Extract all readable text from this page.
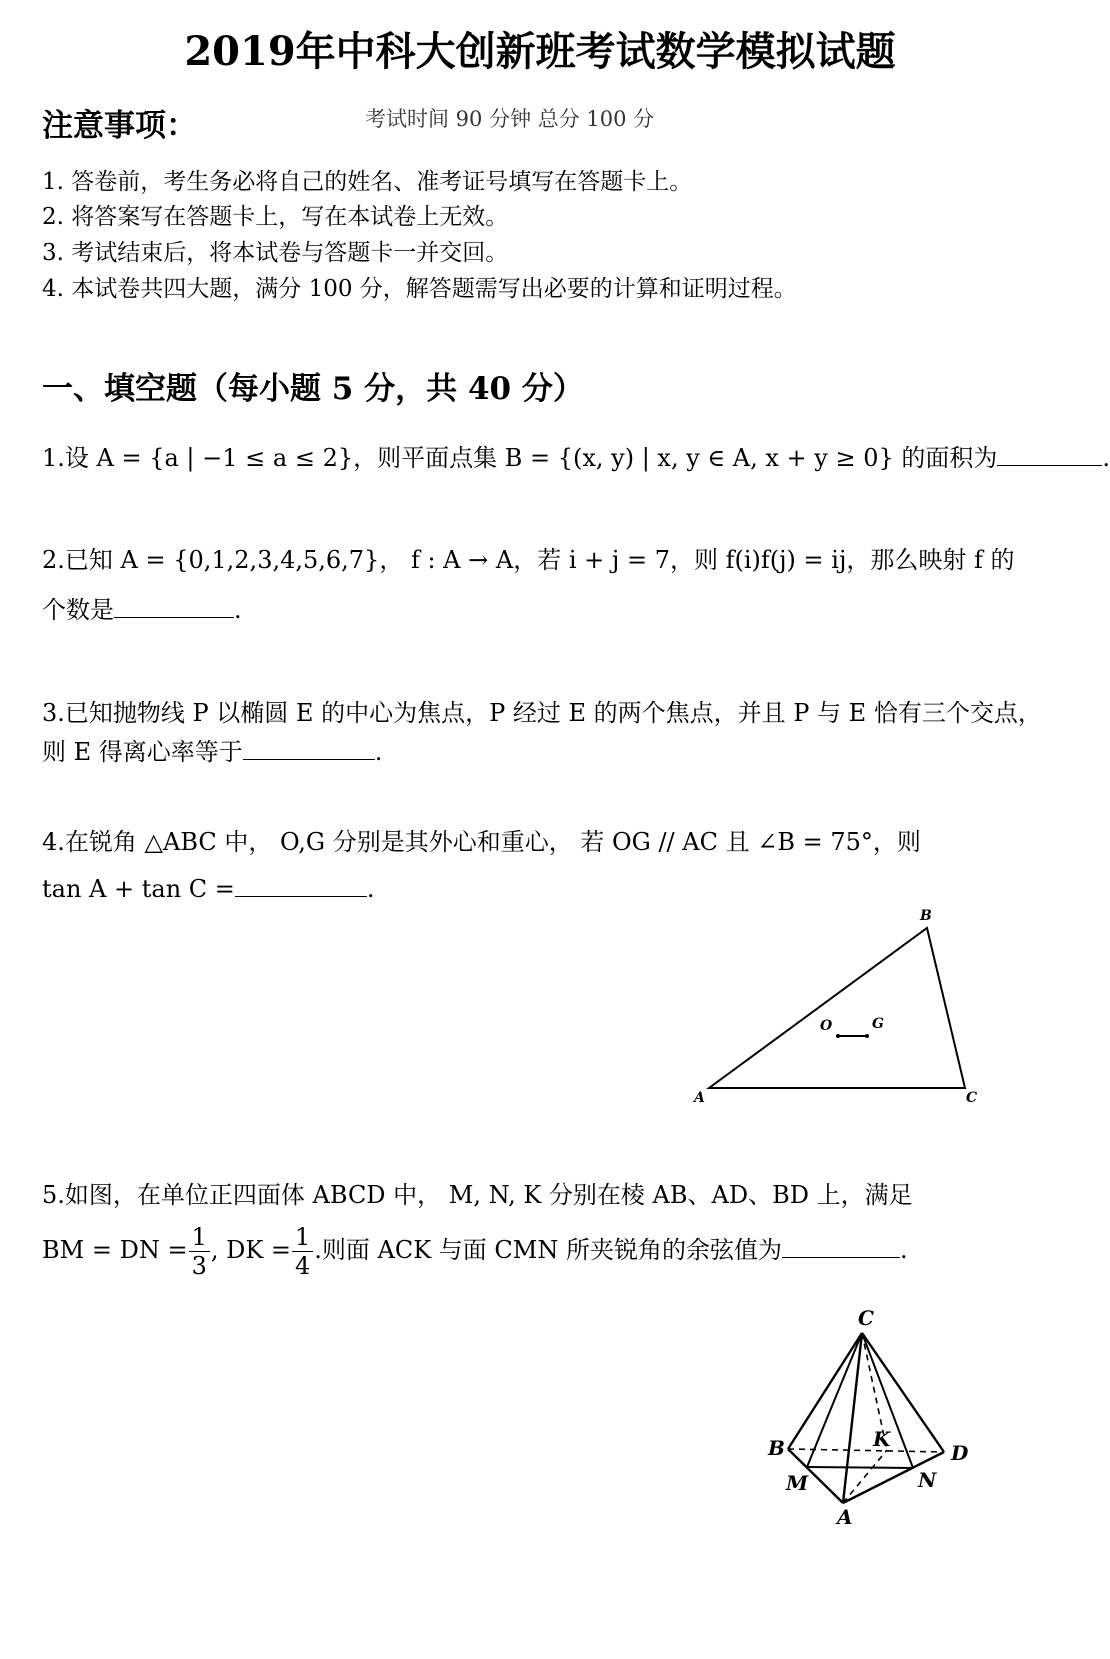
2019年中科大创新班考试数学模拟试题
注意事项：	考试时间 90 分钟 总分 100 分
1. 答卷前，考生务必将自己的姓名、准考证号填写在答题卡上。
2. 将答案写在答题卡上，写在本试卷上无效。
3. 考试结束后，将本试卷与答题卡一并交回。
4. 本试卷共四大题，满分 100 分，解答题需写出必要的计算和证明过程。
一、填空题（每小题 5 分，共 40 分）
1.设 A = {a | −1 ≤ a ≤ 2}，则平面点集 B = {(x, y) | x, y ∈ A, x + y ≥ 0} 的面积为	.
2.已知 A = {0,1,2,3,4,5,6,7}， f : A → A，若 i + j = 7，则 f(i)f(j) = ij，那么映射 f 的
个数是	.
3.已知抛物线 P 以椭圆 E 的中心为焦点，P 经过 E 的两个焦点，并且 P 与 E 恰有三个交点，
则 E 得离心率等于	.
4.在锐角 △ABC 中， O,G 分别是其外心和重心， 若 OG // AC 且 ∠B = 75°，则
tan A + tan C =	.
B
O	G
A	C
5.如图，在单位正四面体 ABCD 中， M, N, K 分别在棱 AB、AD、BD 上，满足
BM = DN = $\frac{1}{3}$ , DK = $\frac{1}{4}$ .则面 ACK 与面 CMN 所夹锐角的余弦值为	.
C
B	K
D
M	N
A
